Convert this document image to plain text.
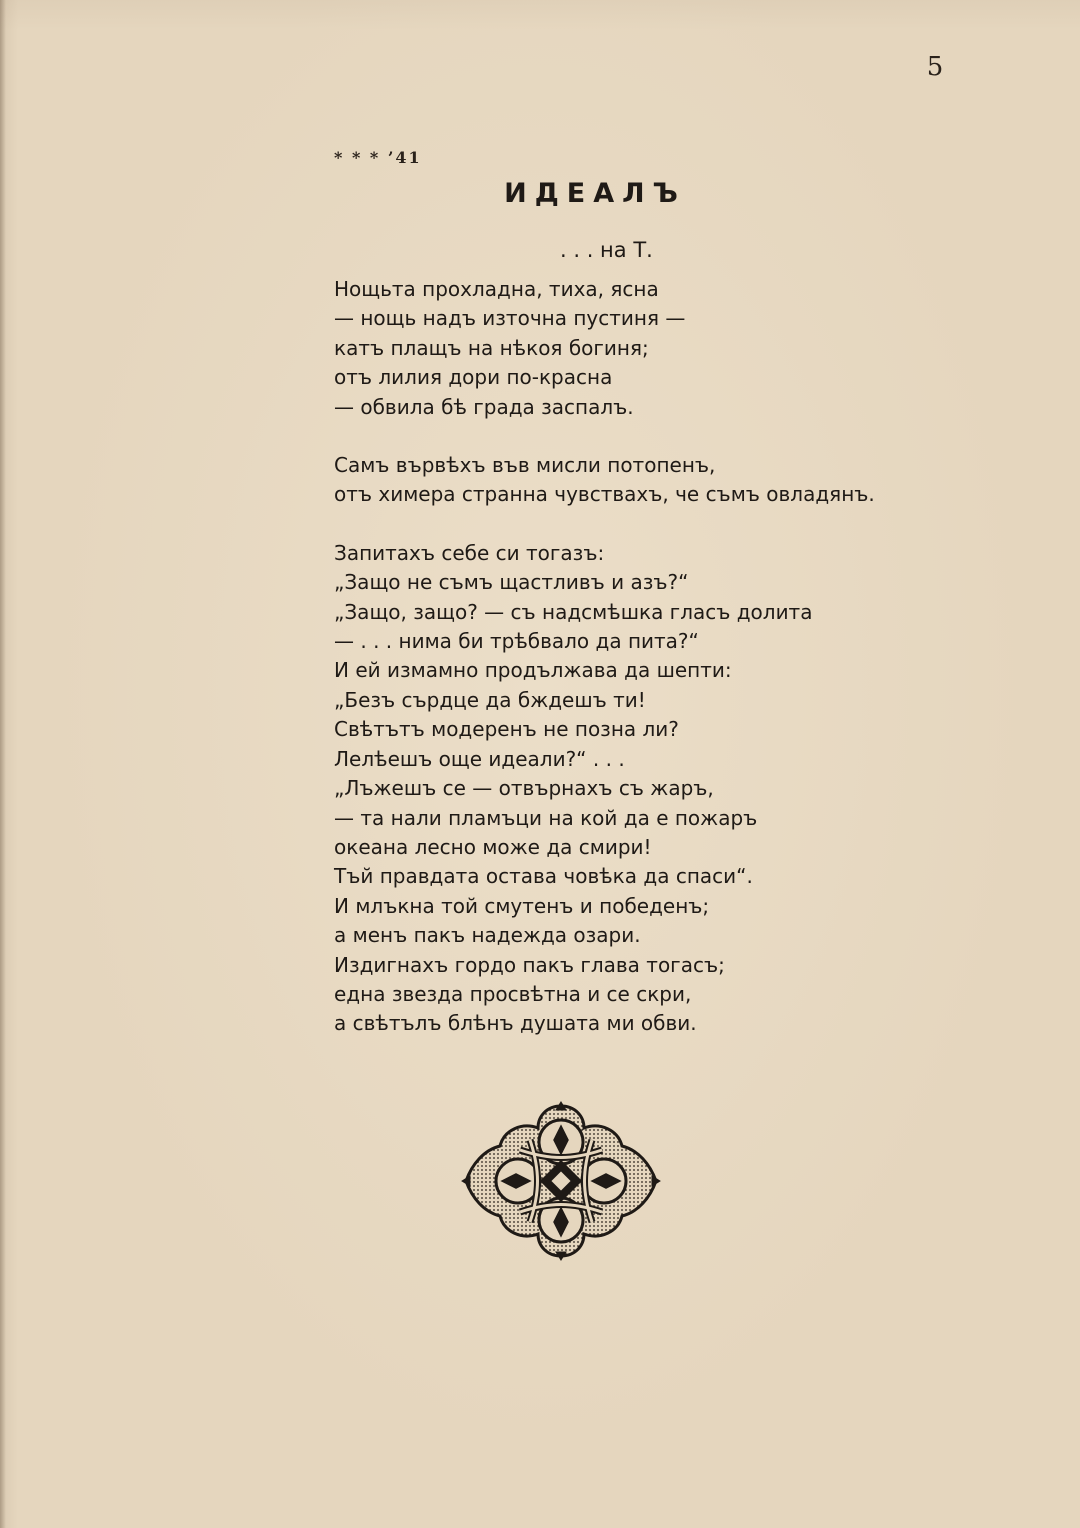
5
* * * ’41
ИДЕАЛЪ
. . . на Т.
Нощьта прохладна, тиха, ясна
— нощь надъ източна пустиня —
катъ плащъ на нѣкоя богиня;
отъ лилия дори по-красна
— обвила бѣ града заспалъ.
Самъ вървѣхъ във мисли потопенъ,
отъ химера странна чувствахъ, че съмъ овладянъ.
Запитахъ себе си тогазъ:
„Защо не съмъ щастливъ и азъ?“
„Защо, защо? — съ надсмѣшка гласъ долита
— . . . нима би трѣбвало да пита?“
И ей измамно продължава да шепти:
„Безъ сърдце да бждешъ ти!
Свѣтътъ модеренъ не позна ли?
Лелѣешъ още идеали?“ . . .
„Лъжешъ се — отвърнахъ съ жаръ,
— та нали пламъци на кой да е пожаръ
океана лесно може да смири!
Тъй правдата остава човѣка да спаси“.
И млъкна той смутенъ и победенъ;
а менъ пакъ надежда озари.
Издигнахъ гордо пакъ глава тогасъ;
една звезда просвѣтна и се скри,
а свѣтълъ блѣнъ душата ми обви.
